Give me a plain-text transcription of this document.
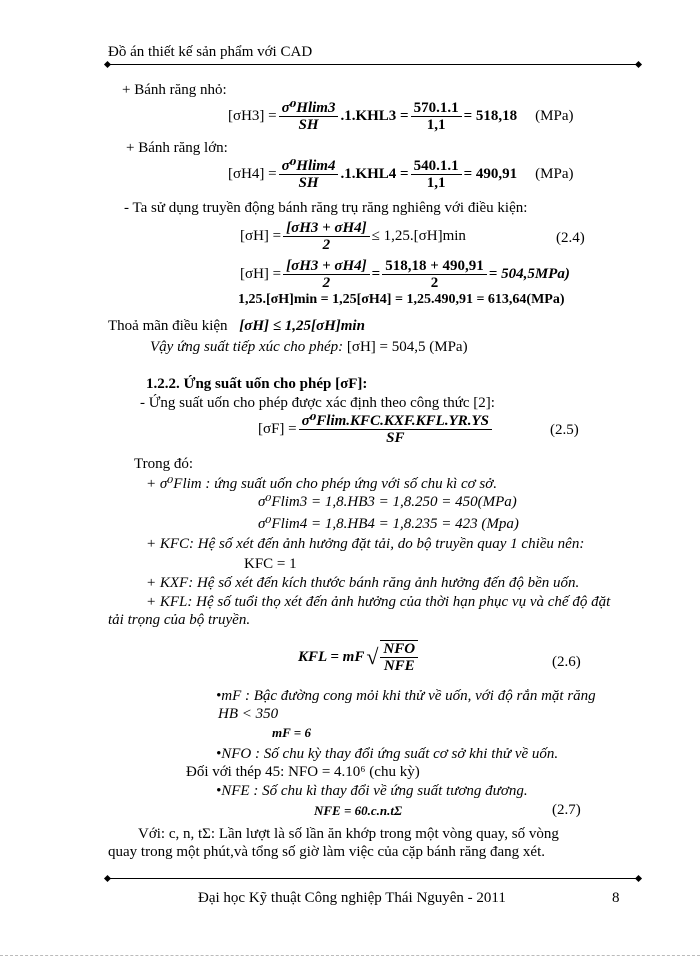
Đồ án thiết kế sản phẩm với CAD
+ Bánh răng nhỏ:
$[\sigma H3] = \frac{\text{σ⁰Hlim3}}{SH} .1.KHL3 = \frac{570.1.1}{1,1} = 518,18$ (MPa)
+ Bánh răng lớn:
$[\sigma H4] = \frac{\text{σ⁰Hlim4}}{SH} .1.KHL4 = \frac{540.1.1}{1,1} = 490,91$ (MPa)
- Ta sử dụng truyền động bánh răng trụ răng nghiêng với điều kiện:
$[\sigma H] = \frac{[\sigma H3 + \sigma H4]}{2} \le 1,25.[\sigma H]\min$	(2.4)
$[\sigma H] = \frac{[\sigma H3 + \sigma H4]}{2} = \frac{518,18 + 490,91}{2} = 504,5MPa$)
1,25.[σH]min = 1,25[σH4] = 1,25.490,91 = 613,64(MPa)
Thoả mãn điều kiện [σH] ≤ 1,25[σH]min
Vậy ứng suất tiếp xúc cho phép: [σH] = 504,5 (MPa)
1.2.2. Ứng suất uốn cho phép [σF]:
- Ứng suất uốn cho phép được xác định theo công thức [2]:
$[\sigma F] = \frac{\text{σ⁰Flim.KFC.KXF.KFL.YR.YS}}{SF}$	(2.5)
Trong đó:
+ σ⁰Flim : ứng suất uốn cho phép ứng với số chu kì cơ sở.
σ⁰Flim3 = 1,8.HB3 = 1,8.250 = 450(MPa)
σ⁰Flim4 = 1,8.HB4 = 1,8.235 = 423 (Mpa)
+ KFC: Hệ số xét đến ảnh hưởng đặt tải, do bộ truyền quay 1 chiều nên:
KFC = 1
+ KXF: Hệ số xét đến kích thước bánh răng ảnh hưởng đến độ bền uốn.
+ KFL: Hệ số tuổi thọ xét đến ảnh hưởng của thời hạn phục vụ và chế độ đặt
tải trọng của bộ truyền.
KFL = mF √ $\frac{\text{NFO}}{\text{NFE}}$	(2.6)
•mF : Bậc đường cong mỏi khi thử về uốn, với độ rắn mặt răng
HB < 350
mF = 6
•NFO : Số chu kỳ thay đổi ứng suất cơ sở khi thử về uốn.
Đối với thép 45: NFO = 4.10⁶ (chu kỳ)
•NFE : Số chu kì thay đổi về ứng suất tương đương.
NFE = 60.c.n.tΣ	(2.7)
Với: c, n, tΣ: Lần lượt là số lần ăn khớp trong một vòng quay, số vòng
quay trong một phút,và tổng số giờ làm việc của cặp bánh răng đang xét.
Đại học Kỹ thuật Công nghiệp Thái Nguyên - 2011	8
